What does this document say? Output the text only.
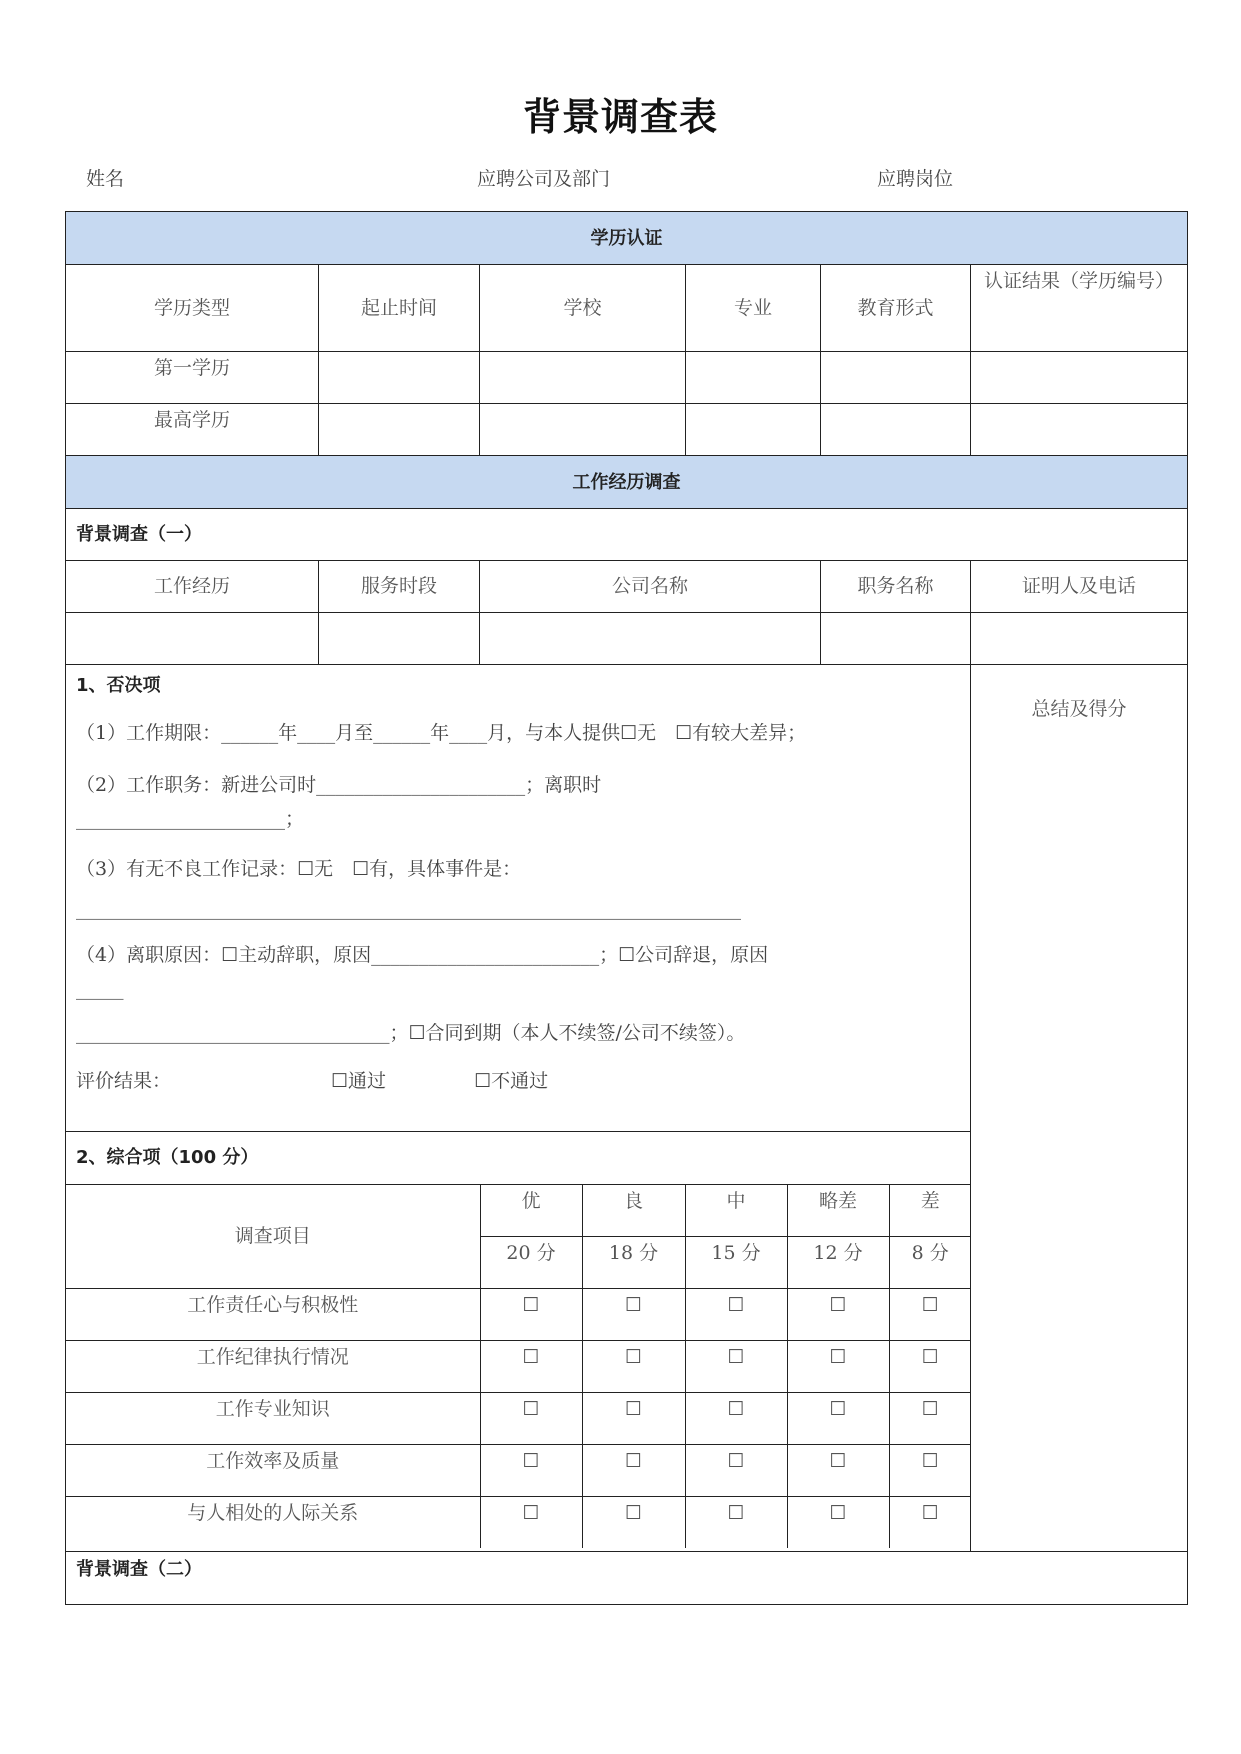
背景调查表
姓名	应聘公司及部门	应聘岗位
学历认证
学历类型	起止时间	学校	专业	教育形式	认证结果（学历编号）
第一学历					
最高学历					
工作经历调查
背景调查（一）
工作经历	服务时段	公司名称	职务名称	证明人及电话

1、否决项

（1）工作期限：______年____月至______年____月，与本人提供☐无　☐有较大差异；

（2）工作职务：新进公司时______________________；离职时

______________________；

（3）有无不良工作记录：☐无　☐有，具体事件是：

______________________________________________________________________

（4）离职原因：☐主动辞职，原因________________________；☐公司辞退，原因

_____

_________________________________；☐合同到期（本人不续签/公司不续签）。

评价结果：	☐通过	☐不通过

	总结及得分

2、综合项（100 分）
调查项目	优	良	中	略差	差
20 分	18 分	15 分	12 分	8 分
工作责任心与积极性	☐	☐	☐	☐	☐
工作纪律执行情况	☐	☐	☐	☐	☐
工作专业知识	☐	☐	☐	☐	☐
工作效率及质量	☐	☐	☐	☐	☐
与人相处的人际关系	☐	☐	☐	☐	☐

背景调查（二）
